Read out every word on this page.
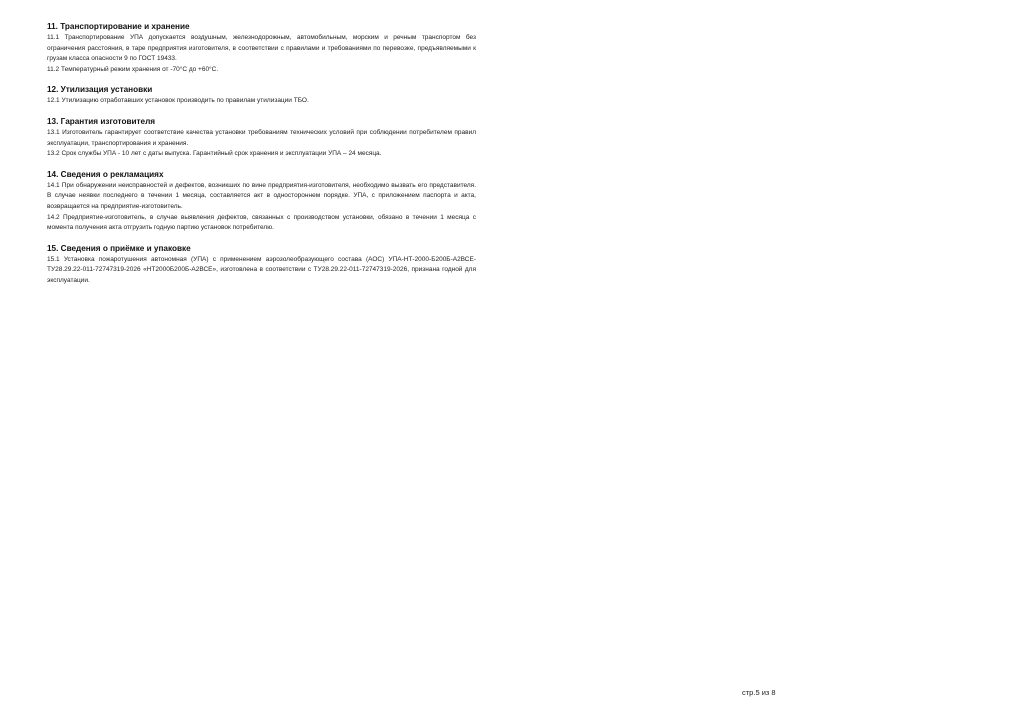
11. Транспортирование и хранение

11.1 Транспортирование УПА допускается воздушным, железнодорожным, автомобильным, морским и речным транспортом без ограничения расстояния, в таре предприятия изготовителя, в соответствии с правилами и требованиями по перевозке, предъявляемыми к грузам класса опасности 9 по ГОСТ 19433.

11.2 Температурный режим хранения от -70°С до +60°С.

12. Утилизация установки

12.1 Утилизацию отработавших установок производить по правилам утилизации ТБО.

13. Гарантия изготовителя

13.1 Изготовитель гарантирует соответствие качества установки требованиям технических условий при соблюдении потребителем правил эксплуатации, транспортирования и хранения.

13.2 Срок службы УПА - 10 лет с даты выпуска. Гарантийный срок хранения и эксплуатации УПА – 24 месяца.

14. Сведения о рекламациях

14.1 При обнаружении неисправностей и дефектов, возникших по вине предприятия-изготовителя, необходимо вызвать его представителя. В случае неявки последнего в течении 1 месяца, составляется акт в одностороннем порядке. УПА, с приложением паспорта и акта, возвращается на предприятие-изготовитель.

14.2 Предприятие-изготовитель, в случае выявления дефектов, связанных с производством установки, обязано в течении 1 месяца с момента получения акта отгрузить годную партию установок потребителю.

15. Сведения о приёмке и упаковке

15.1 Установка пожаротушения автономная (УПА) с применением аэрозолеобразующего состава (АОС) УПА-НТ-2000-Б200Б-А2ВСЕ-ТУ28.29.22-011-72747319-2026 «НТ2000Б200Б-А2ВСЕ», изготовлена в соответствии с ТУ28.29.22-011-72747319-2026, признана годной для эксплуатации.

стр.5 из 8
